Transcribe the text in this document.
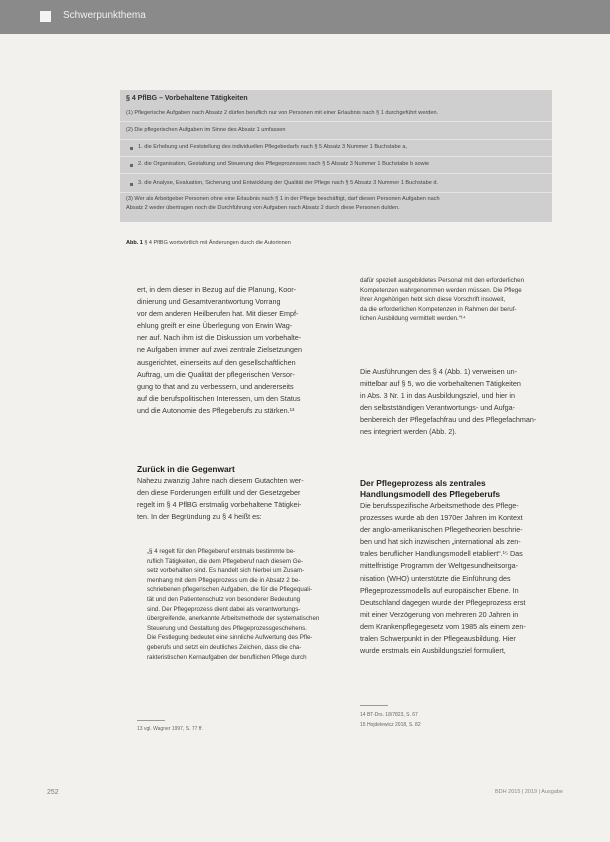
Schwerpunkthema
§ 4 PflBG – Vorbehaltene Tätigkeiten
(1) Pflegerische Aufgaben nach Absatz 2 dürfen beruflich nur von Personen mit einer Erlaubnis nach § 1 durchgeführt werden.
(2) Die pflegerischen Aufgaben im Sinne des Absatz 1 umfassen
1. die Erhebung und Feststellung des individuellen Pflegebedarfs nach § 5 Absatz 3 Nummer 1 Buchstabe a,
2. die Organisation, Gestaltung und Steuerung des Pflegeprozesses nach § 5 Absatz 3 Nummer 1 Buchstabe b sowie
3. die Analyse, Evaluation, Sicherung und Entwicklung der Qualität der Pflege nach § 5 Absatz 3 Nummer 1 Buchstabe d.
(3) Wer als Arbeitgeber Personen ohne eine Erlaubnis nach § 1 in der Pflege beschäftigt, darf diesen Personen Aufgaben nach
Absatz 2 weder übertragen noch die Durchführung von Aufgaben nach Absatz 2 durch diese Personen dulden.
Abb. 1 § 4 PflBG wortwörtlich mit Änderungen durch die Autorinnen
ert, in dem dieser in Bezug auf die Planung, Koor-
dinierung und Gesamtverantwortung Vorrang
vor dem anderen Heilberufen hat. Mit dieser Empf-
ehlung greift er eine Überlegung von Erwin Wag-
ner auf. Nach ihm ist die Diskussion um vorbehalte-
ne Aufgaben immer auf zwei zentrale Zielsetzungen
ausgerichtet, einerseits auf den gesellschaftlichen
Auftrag, um die Qualität der pflegerischen Versor-
gung to that and zu verbessern, und andererseits
auf die berufspolitischen Interessen, um den Status
und die Autonomie des Pflegeberufs zu stärken.¹³
Zurück in die Gegenwart
Nahezu zwanzig Jahre nach diesem Gutachten wer-
den diese Forderungen erfüllt und der Gesetzgeber
regelt im § 4 PflBG erstmalig vorbehaltene Tätigkei-
ten. In der Begründung zu § 4 heißt es:
„§ 4 regelt für den Pflegeberuf erstmals bestimmte be-
ruflich Tätigkeiten, die dem Pflegeberuf nach diesem Ge-
setz vorbehalten sind. Es handelt sich hierbei um Zusam-
menhang mit dem Pflegeprozess um die in Absatz 2 be-
schriebenen pflegerischen Aufgaben, die für die Pflegequali-
tät und den Patientenschutz von besonderer Bedeutung
sind. Der Pflegeprozess dient dabei als verantwortungs-
übergreifende, anerkannte Arbeitsmethode der systematischen
Steuerung und Gestaltung des Pflegeprozessgeschehens.
Die Festlegung bedeutet eine sinnliche Aufwertung des Pfle-
geberufs und setzt ein deutliches Zeichen, dass die cha-
rakteristischen Kernaufgaben der beruflichen Pflege durch
13 vgl. Wagner 1997, S. 77 ff.
dafür speziell ausgebildetes Personal mit den erforderlichen
Kompetenzen wahrgenommen werden müssen. Die Pflege
ihrer Angehörigen hebt sich diese Vorschrift insoweit,
da die erforderlichen Kompetenzen in Rahmen der beruf-
lichen Ausbildung vermittelt werden.“¹⁴
Die Ausführungen des § 4 (Abb. 1) verweisen un-
mittelbar auf § 5, wo die vorbehaltenen Tätigkeiten
in Abs. 3 Nr. 1 in das Ausbildungsziel, und hier in
den selbstständigen Verantwortungs- und Aufga-
benbereich der Pflegefachfrau und des Pflegefachman-
nes integriert werden (Abb. 2).
Der Pflegeprozess als zentrales
Handlungsmodell des Pflegeberufs
Die berufsspezifische Arbeitsmethode des Pflege-
prozesses wurde ab den 1970er Jahren im Kontext
der anglo-amerikanischen Pflegetheorien beschrie-
ben und hat sich inzwischen „international als zen-
trales beruflicher Handlungsmodell etabliert“.¹⁵ Das
mittelfristige Programm der Weltgesundheitsorga-
nisation (WHO) unterstützte die Einführung des
Pflegeprozessmodells auf europäischer Ebene. In
Deutschland dagegen wurde der Pflegeprozess erst
mit einer Verzögerung von mehreren 20 Jahren in
dem Krankenpflegegesetz vom 1985 als einem zen-
tralen Schwerpunkt in der Pflegeausbildung. Hier
wurde erstmals ein Ausbildungsziel formuliert,
14 BT-Drs. 18/7823, S. 67
15 Hojdelewicz 2018, S. 82
252	BDH 2015 | 2019 | Ausgabe
